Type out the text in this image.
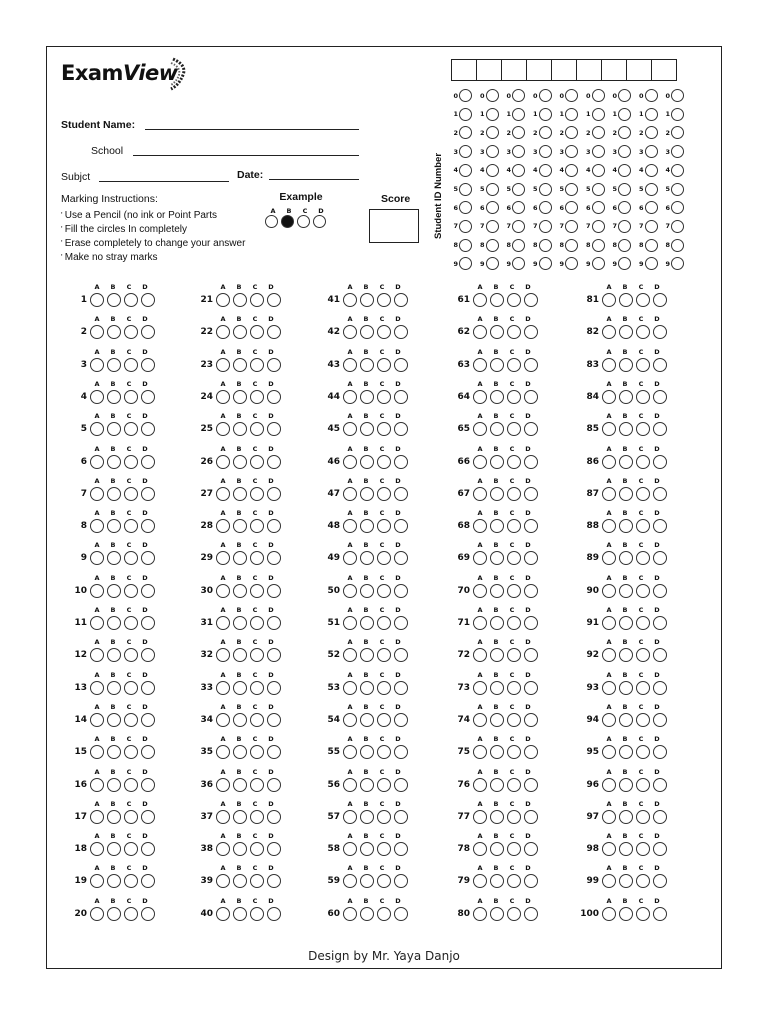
ExamView
Student Name:
School
Subjct	Date:
Marking Instructions:
' Use a Pencil (no ink or Point Parts
' Fill the circles In completely
' Erase completely to change your answer
' Make no stray marks
Example
A	B	C	D
Score Student ID Number
0	0	0	0	0	0	0	0	0
1	1	1	1	1	1	1	1	1
2	2	2	2	2	2	2	2	2
3	3	3	3	3	3	3	3	3
4	4	4	4	4	4	4	4	4
5	5	5	5	5	5	5	5	5
6	6	6	6	6	6	6	6	6
7	7	7	7	7	7	7	7	7
8	8	8	8	8	8	8	8	8
9	9	9	9	9	9	9	9	9
A	B	C	D
1
A	B	C	D
2
A	B	C	D
3
A	B	C	D
4
A	B	C	D
5
A	B	C	D
6
A	B	C	D
7
A	B	C	D
8
A	B	C	D
9
A	B	C	D
10
A	B	C	D
11
A	B	C	D
12
A	B	C	D
13
A	B	C	D
14
A	B	C	D
15
A	B	C	D
16
A	B	C	D
17
A	B	C	D
18
A	B	C	D
19
A	B	C	D
20
A	B	C	D
21
A	B	C	D
22
A	B	C	D
23
A	B	C	D
24
A	B	C	D
25
A	B	C	D
26
A	B	C	D
27
A	B	C	D
28
A	B	C	D
29
A	B	C	D
30
A	B	C	D
31
A	B	C	D
32
A	B	C	D
33
A	B	C	D
34
A	B	C	D
35
A	B	C	D
36
A	B	C	D
37
A	B	C	D
38
A	B	C	D
39
A	B	C	D
40
A	B	C	D
41
A	B	C	D
42
A	B	C	D
43
A	B	C	D
44
A	B	C	D
45
A	B	C	D
46
A	B	C	D
47
A	B	C	D
48
A	B	C	D
49
A	B	C	D
50
A	B	C	D
51
A	B	C	D
52
A	B	C	D
53
A	B	C	D
54
A	B	C	D
55
A	B	C	D
56
A	B	C	D
57
A	B	C	D
58
A	B	C	D
59
A	B	C	D
60
A	B	C	D
61
A	B	C	D
62
A	B	C	D
63
A	B	C	D
64
A	B	C	D
65
A	B	C	D
66
A	B	C	D
67
A	B	C	D
68
A	B	C	D
69
A	B	C	D
70
A	B	C	D
71
A	B	C	D
72
A	B	C	D
73
A	B	C	D
74
A	B	C	D
75
A	B	C	D
76
A	B	C	D
77
A	B	C	D
78
A	B	C	D
79
A	B	C	D
80
A	B	C	D
81
A	B	C	D
82
A	B	C	D
83
A	B	C	D
84
A	B	C	D
85
A	B	C	D
86
A	B	C	D
87
A	B	C	D
88
A	B	C	D
89
A	B	C	D
90
A	B	C	D
91
A	B	C	D
92
A	B	C	D
93
A	B	C	D
94
A	B	C	D
95
A	B	C	D
96
A	B	C	D
97
A	B	C	D
98
A	B	C	D
99
A	B	C	D
100
Design by Mr. Yaya Danjo
